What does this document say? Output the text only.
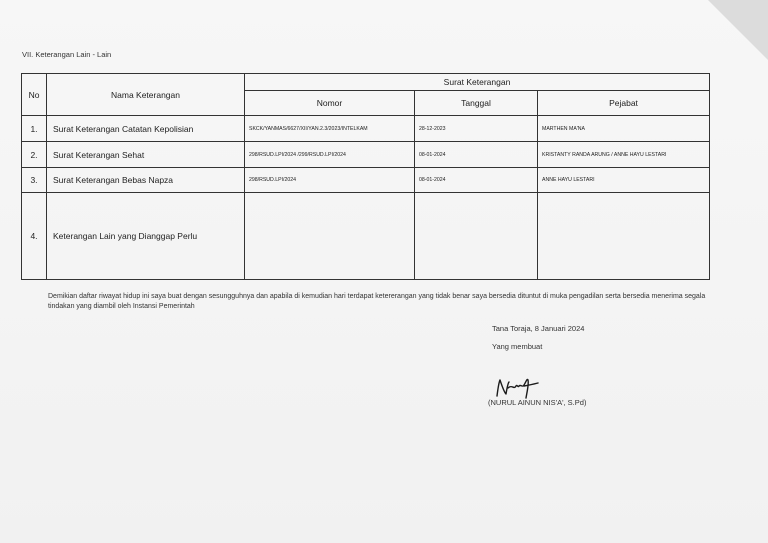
VII. Keterangan Lain - Lain
No	Nama Keterangan	Surat Keterangan		
		Nomor	Tanggal	Pejabat
1.	Surat Keterangan Catatan Kepolisian	SKCK/YANMAS/6627/XII/YAN.2.3/2023/INTELKAM	28-12-2023	MARTHEN MA'NA
2.	Surat Keterangan Sehat	298/RSUD.LPI/2024 /299/RSUD.LPI/2024	08-01-2024	KRISTANTY RANDA ARUNG / ANNE HAYU LESTARI
3.	Surat Keterangan Bebas Napza	298/RSUD.LPI/2024	08-01-2024	ANNE HAYU LESTARI
4.	Keterangan Lain yang Dianggap Perlu			
Demikian daftar riwayat hidup ini saya buat dengan sesungguhnya dan apabila di kemudian hari terdapat ketererangan yang tidak benar saya bersedia dituntut di muka pengadilan serta bersedia menerima segala tindakan yang diambil oleh Instansi Pemerintah
Tana Toraja, 8 Januari 2024
Yang membuat
(NURUL AINUN NIS'A', S.Pd)
